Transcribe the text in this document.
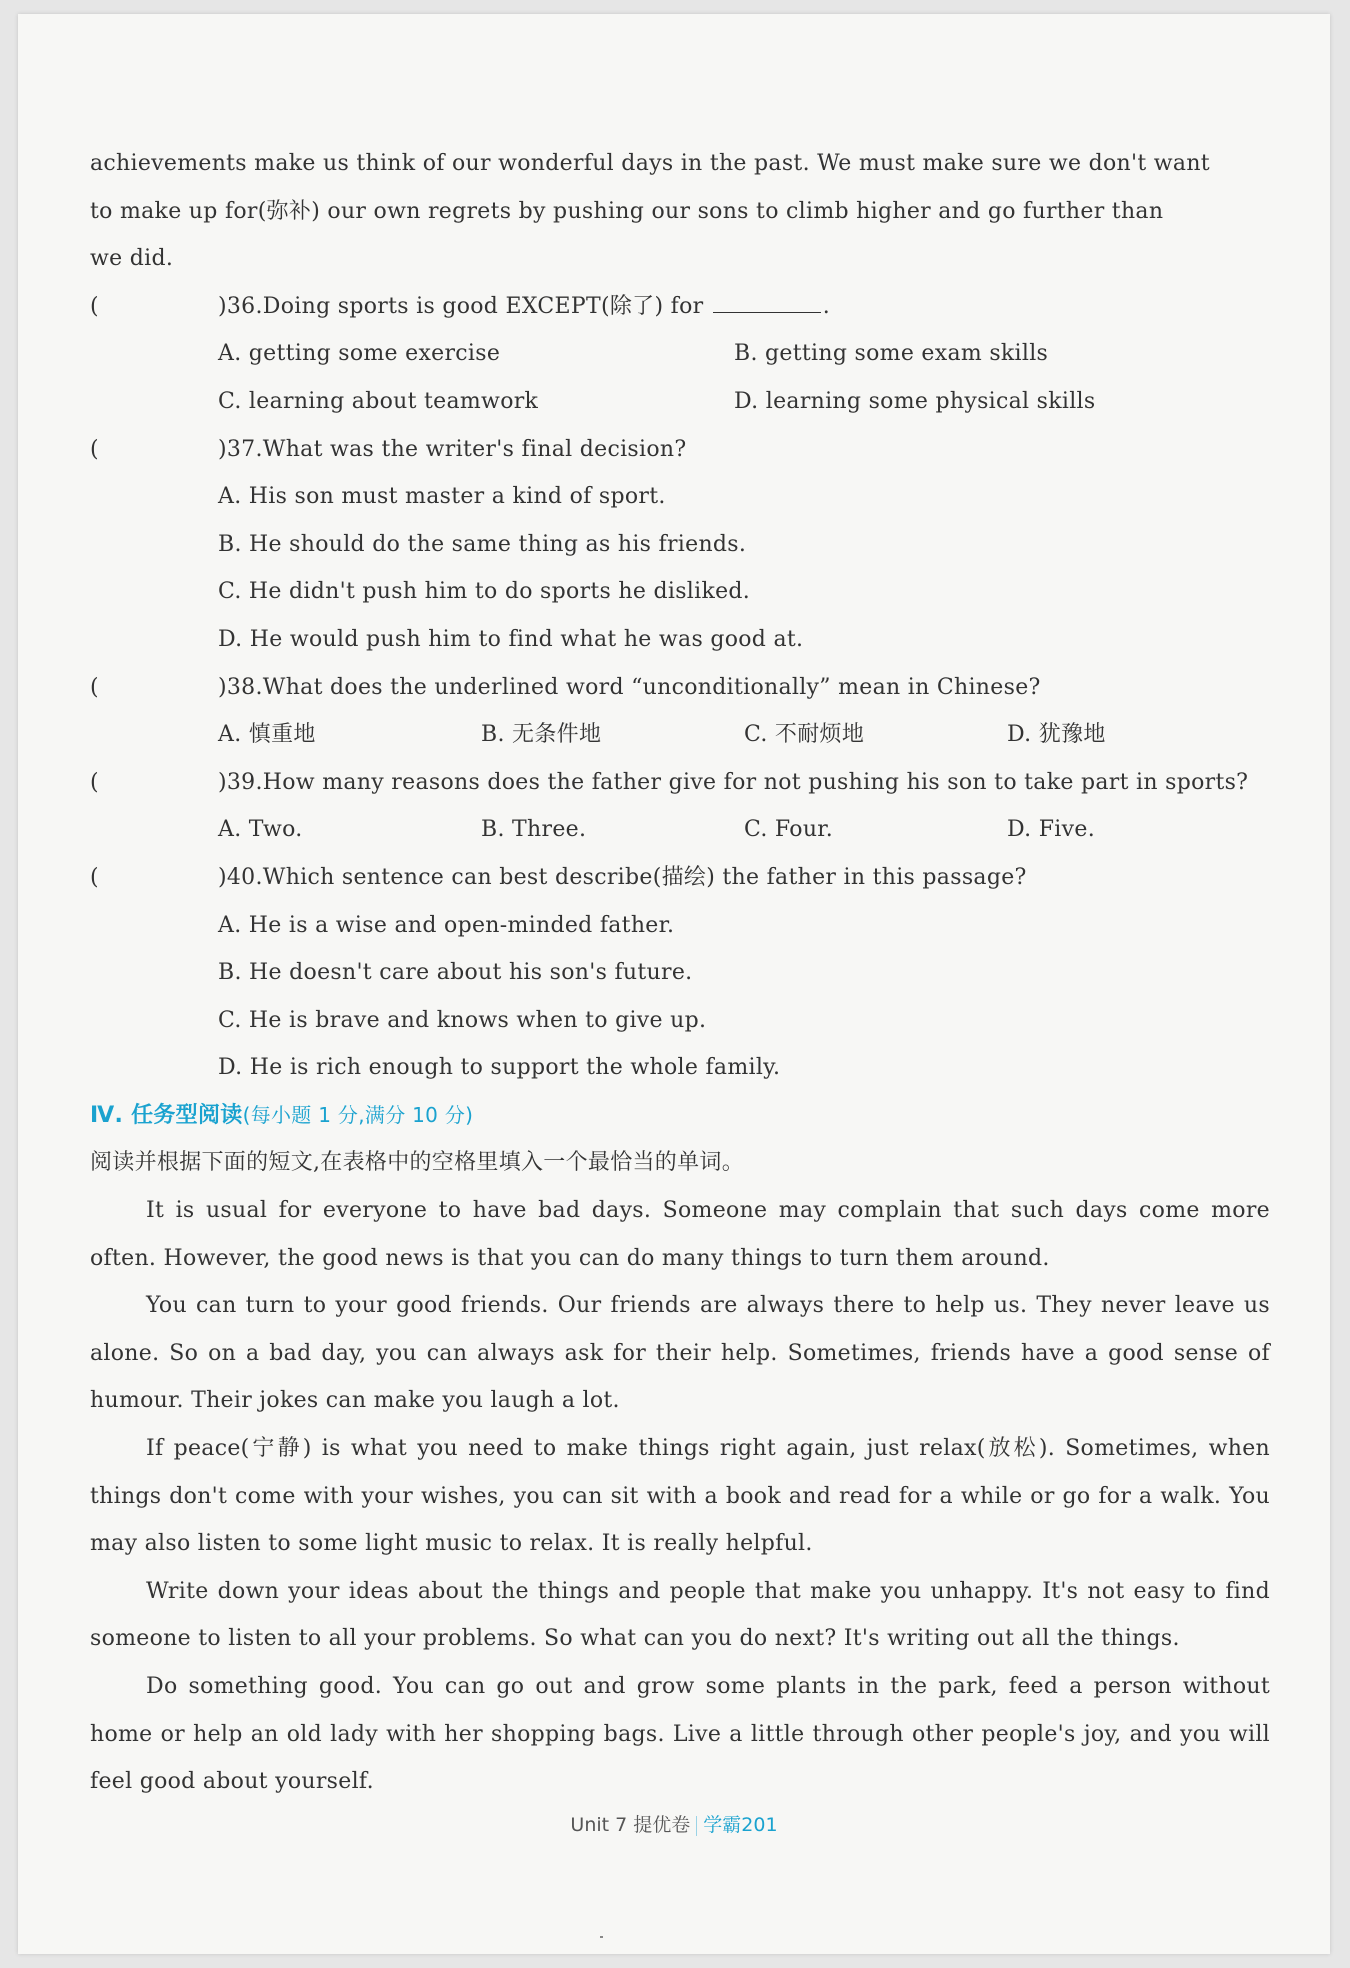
achievements make us think of our wonderful days in the past. We must make sure we don't want

to make up for(弥补) our own regrets by pushing our sons to climb higher and go further than

we did.

(	)36.Doing sports is good EXCEPT(除了) for	.

A. getting some exercise	B. getting some exam skills

C. learning about teamwork	D. learning some physical skills

(	)37.What was the writer's final decision?

A. His son must master a kind of sport.

B. He should do the same thing as his friends.

C. He didn't push him to do sports he disliked.

D. He would push him to find what he was good at.

(	)38.What does the underlined word “unconditionally” mean in Chinese?

A. 慎重地	B. 无条件地	C. 不耐烦地	D. 犹豫地

(	)39.How many reasons does the father give for not pushing his son to take part in sports?

A. Two.	B. Three.	C. Four.	D. Five.

(	)40.Which sentence can best describe(描绘) the father in this passage?

A. He is a wise and open-minded father.

B. He doesn't care about his son's future.

C. He is brave and knows when to give up.

D. He is rich enough to support the whole family.

Ⅳ. 任务型阅读(每小题 1 分,满分 10 分)

阅读并根据下面的短文,在表格中的空格里填入一个最恰当的单词。

It is usual for everyone to have bad days. Someone may complain that such days come more often. However, the good news is that you can do many things to turn them around.

You can turn to your good friends. Our friends are always there to help us. They never leave us alone. So on a bad day, you can always ask for their help. Sometimes, friends have a good sense of humour. Their jokes can make you laugh a lot.

If peace(宁静) is what you need to make things right again, just relax(放松). Sometimes, when things don't come with your wishes, you can sit with a book and read for a while or go for a walk. You may also listen to some light music to relax. It is really helpful.

Write down your ideas about the things and people that make you unhappy. It's not easy to find someone to listen to all your problems. So what can you do next? It's writing out all the things.

Do something good. You can go out and grow some plants in the park, feed a person without home or help an old lady with her shopping bags. Live a little through other people's joy, and you will feel good about yourself.

Unit 7 提优卷 学霸201
